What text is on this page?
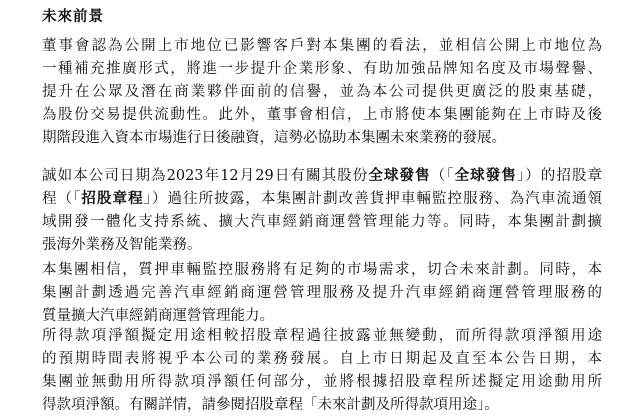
未來前景
董事會認為公開上市地位已影響客戶對本集團的看法，並相信公開上市地位為
一種補充推廣形式，將進一步提升企業形象、有助加強品牌知名度及市場聲譽、
提升在公眾及潛在商業夥伴面前的信譽，並為本公司提供更廣泛的股東基礎，
為股份交易提供流動性。此外，董事會相信，上市將使本集團能夠在上市時及後
期階段進入資本市場進行日後融資，這勢必協助本集團未來業務的發展。
誠如本公司日期為2023年12月29日有關其股份全球發售（「全球發售」）的招股章
程（「招股章程」）過往所披露，本集團計劃改善貨押車輛監控服務、為汽車流通領
域開發一體化支持系統、擴大汽車經銷商運營管理能力等。同時，本集團計劃擴
張海外業務及智能業務。
本集團相信，質押車輛監控服務將有足夠的市場需求，切合未來計劃。同時，本
集團計劃透過完善汽車經銷商運營管理服務及提升汽車經銷商運營管理服務的
質量擴大汽車經銷商運營管理能力。
所得款項淨額擬定用途相較招股章程過往披露並無變動，而所得款項淨額用途
的預期時間表將視乎本公司的業務發展。自上市日期起及直至本公告日期，本
集團並無動用所得款項淨額任何部分，並將根據招股章程所述擬定用途動用所
得款項淨額。有關詳情，請參閱招股章程「未來計劃及所得款項用途」。
